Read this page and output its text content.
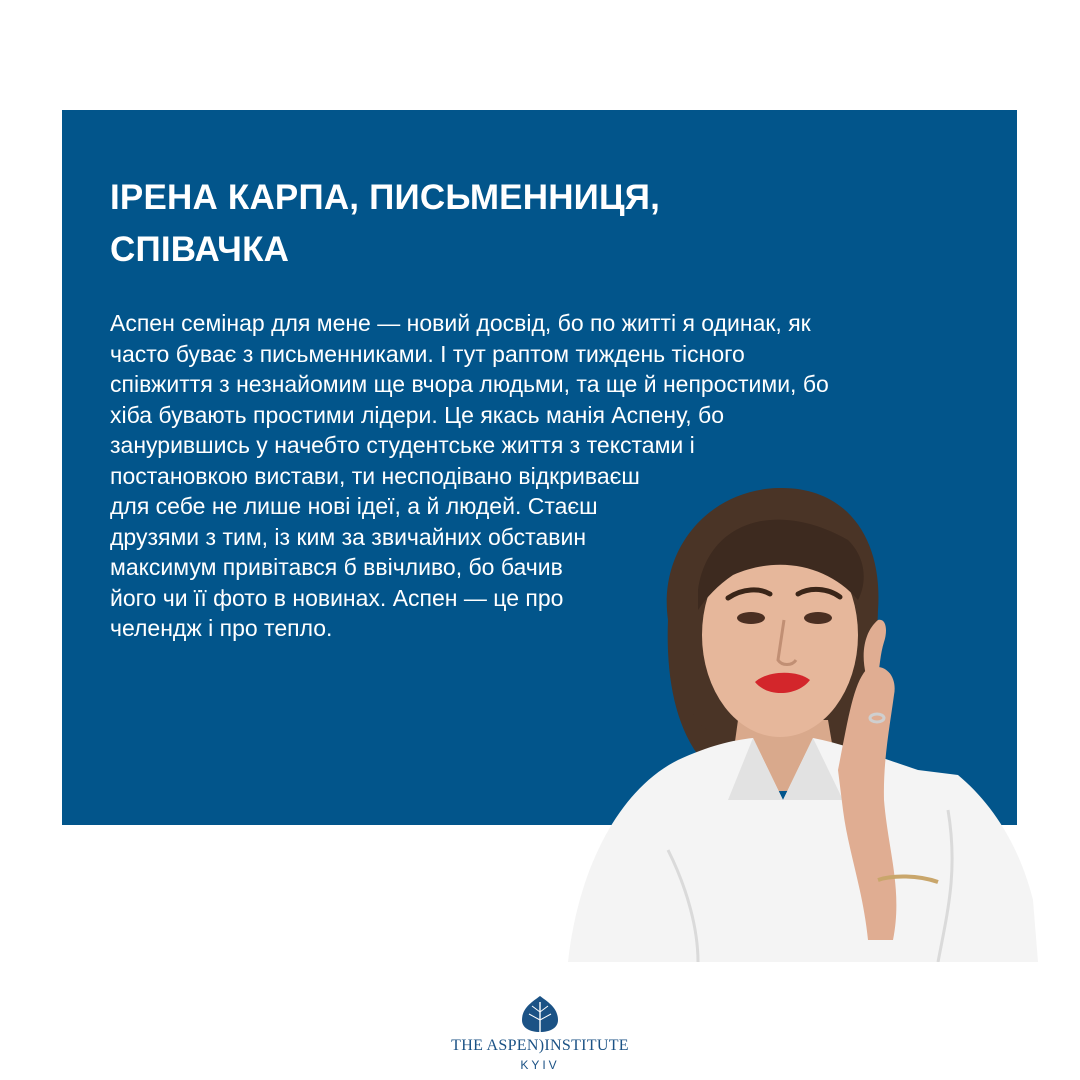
ІРЕНА КАРПА, ПИСЬМЕННИЦЯ,
СПІВАЧКА
Аспен семінар для мене — новий досвід, бо по житті я одинак, як
часто буває з письменниками. І тут раптом тиждень тісного
співжиття з незнайомим ще вчора людьми, та ще й непростими, бо
хіба бувають простими лідери. Це якась манія Аспену, бо
занурившись у начебто студентське життя з текстами і
постановкою вистави, ти несподівано відкриваєш
для себе не лише нові ідеї, а й людей. Стаєш
друзями з тим, із ким за звичайних обставин
максимум привітався б ввічливо, бо бачив
його чи її фото в новинах. Аспен — це про
челендж і про тепло.
THE ASPEN)INSTITUTE
KYIV
